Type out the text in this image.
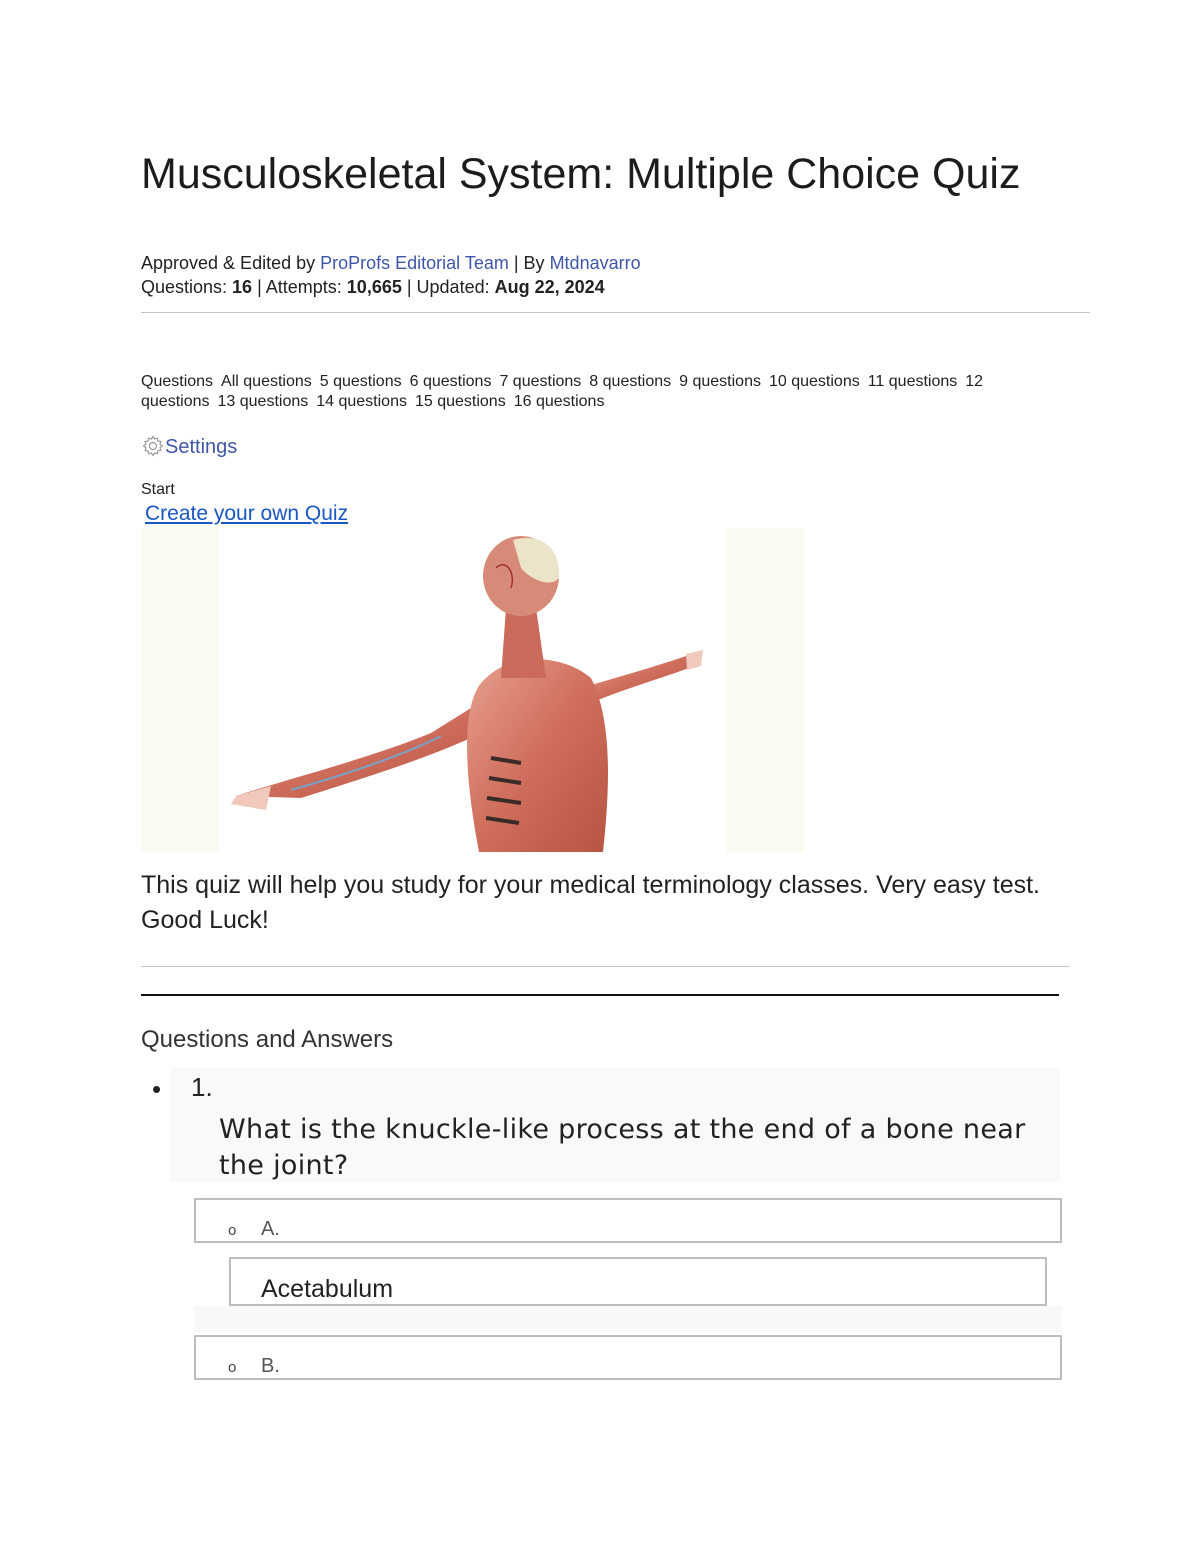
Musculoskeletal System: Multiple Choice Quiz
Approved & Edited by ProProfs Editorial Team | By Mtdnavarro
Questions: 16 | Attempts: 10,665 | Updated: Aug 22, 2024
Questions All questions 5 questions 6 questions 7 questions 8 questions 9 questions 10 questions 11 questions 12 questions 13 questions 14 questions 15 questions 16 questions
Settings
Start
Create your own Quiz

This quiz will help you study for your medical terminology classes. Very easy test. Good Luck!

Questions and Answers
• 1.

What is the knuckle-like process at the end of a bone near the joint?

o A.
Acetabulum
o B.
